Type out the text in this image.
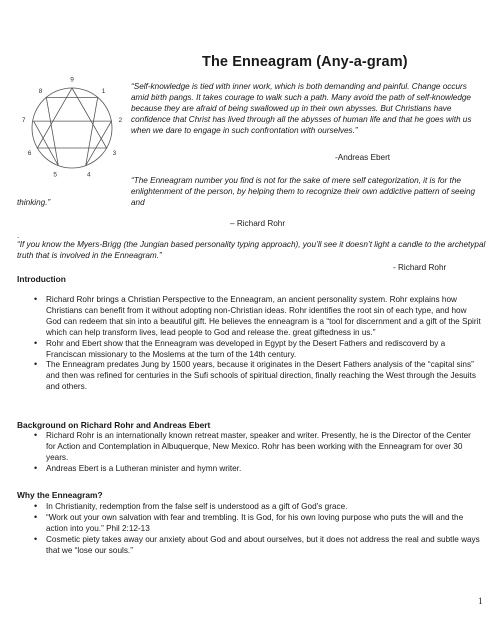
The Enneagram (Any-a-gram)
9
1
2
3
4
5
6
7
8
“Self-knowledge is tied with inner work, which is both demanding and painful. Change occurs amid birth pangs. It takes courage to walk such a path. Many avoid the path of self-knowledge because they are afraid of being swallowed up in their own abysses. But Christians have confidence that Christ has lived through all the abysses of human life and that he goes with us when we dare to engage in such confrontation with ourselves.”
-Andreas Ebert
“The Enneagram number you find is not for the sake of mere self categorization, it is for the enlightenment of the person, by helping them to recognize their own addictive pattern of seeing and
thinking.”
– Richard Rohr
.
“If you know the Myers-Brigg (the Jungian based personality typing approach), you’ll see it doesn’t light a candle to the archetypal truth that is involved in the Enneagram.”
- Richard Rohr
Introduction
• Richard Rohr brings a Christian Perspective to the Enneagram, an ancient personality system. Rohr explains how Christians can benefit from it without adopting non-Christian ideas. Rohr identifies the root sin of each type, and how God can redeem that sin into a beautiful gift. He believes the enneagram is a “tool for discernment and a gift of the Spirit which can help transform lives, lead people to God and release the. great giftedness in us.”
• Rohr and Ebert show that the Enneagram was developed in Egypt by the Desert Fathers and rediscoverd by a Franciscan missionary to the Moslems at the turn of the 14th century.
• The Enneagram predates Jung by 1500 years, because it originates in the Desert Fathers analysis of the “capital sins” and then was refined for centuries in the Sufi schools of spiritual direction, finally reaching the West through the Jesuits and others.
Background on Richard Rohr and Andreas Ebert
• Richard Rohr is an internationally known retreat master, speaker and writer. Presently, he is the Director of the Center for Action and Contemplation in Albuquerque, New Mexico. Rohr has been working with the Enneagram for over 30 years.
• Andreas Ebert is a Lutheran minister and hymn writer.
Why the Enneagram?
• In Christianity, redemption from the false self is understood as a gift of God’s grace.
• “Work out your own salvation with fear and trembling. It is God, for his own loving purpose who puts the will and the action into you.” Phil 2:12-13
• Cosmetic piety takes away our anxiety about God and about ourselves, but it does not address the real and subtle ways that we “lose our souls.”
1
